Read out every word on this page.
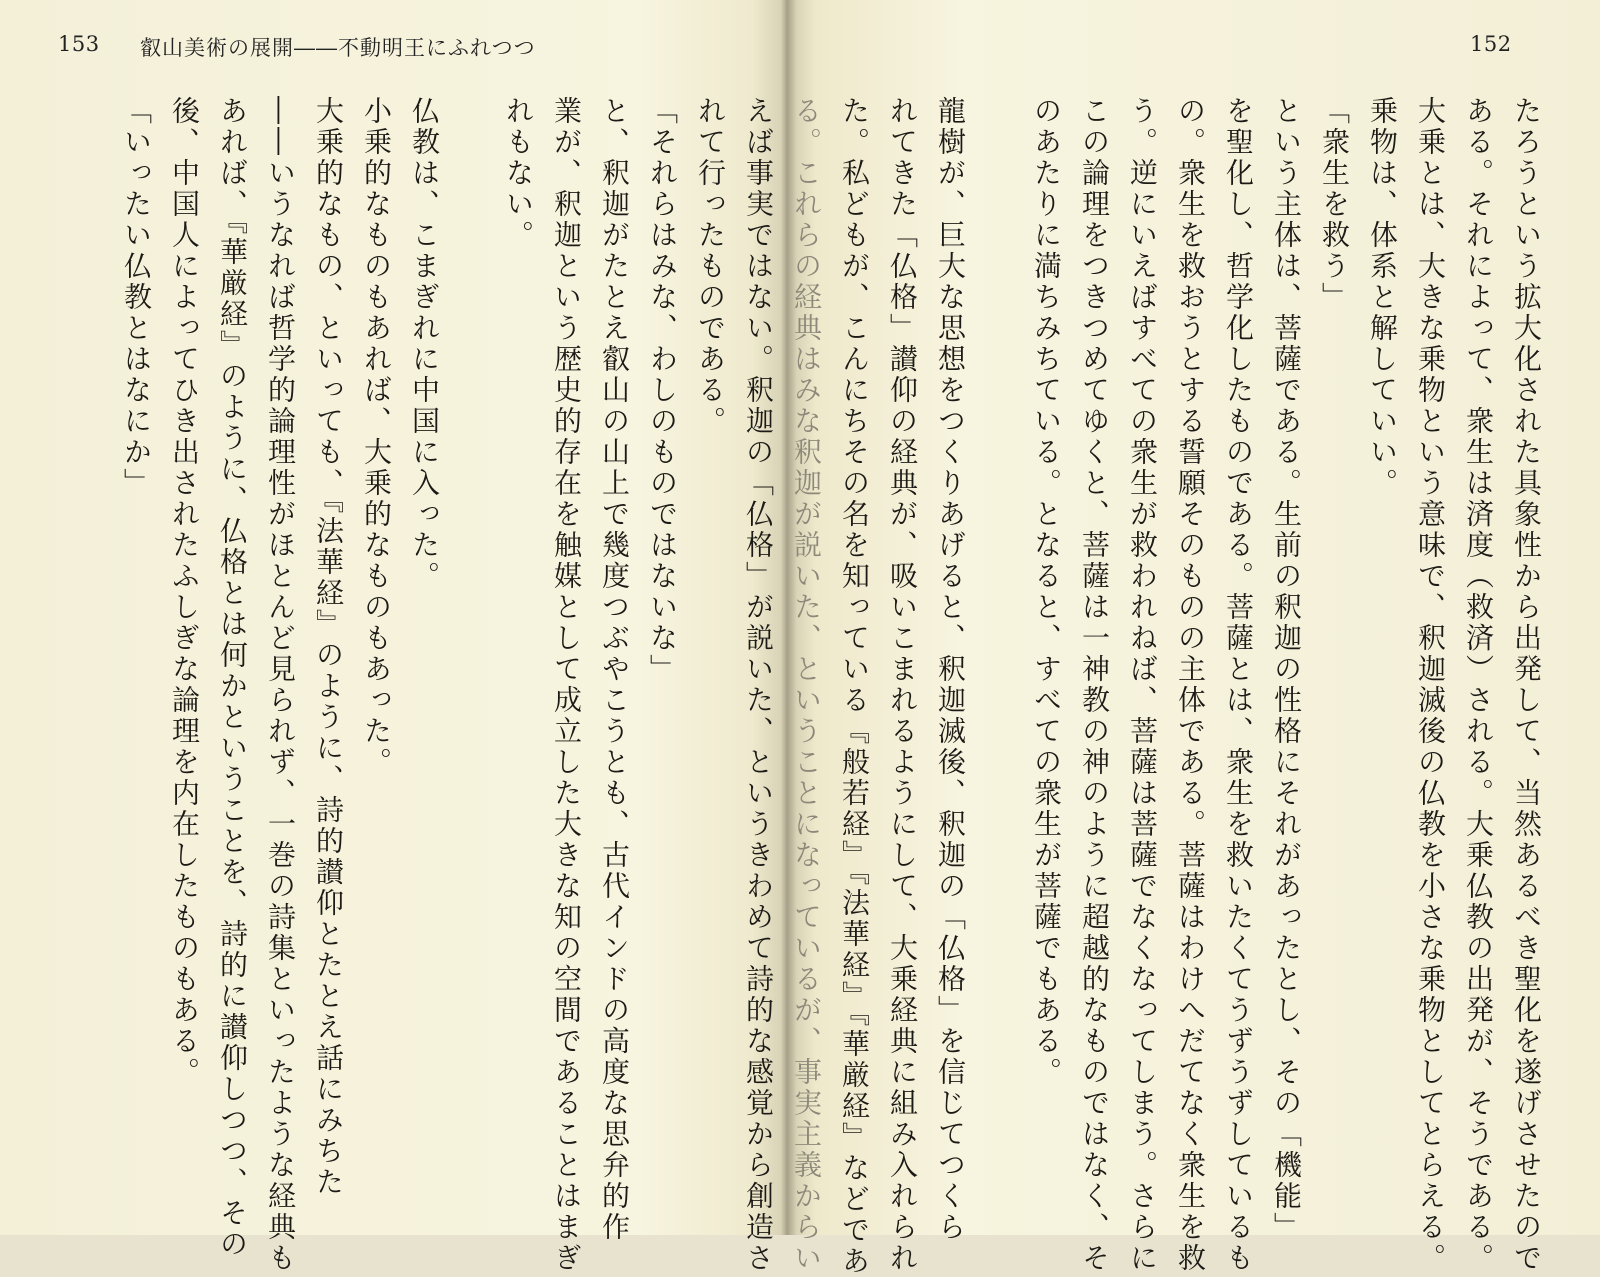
153 叡山美術の展開――不動明王にふれつつ
仏教は、こまぎれに中国に入った。
小乗的なものもあれば、大乗的なものもあった。
大乗的なもの、といっても、『法華経』のように、詩的讃仰とたとえ話にみちた
――いうなれば哲学的論理性がほとんど見られず、一巻の詩集といったような経典も
あれば、『華厳経』のように、仏格とは何かということを、詩的に讃仰しつつ、その
後、中国人によってひき出されたふしぎな論理を内在したものもある。
「いったい仏教とはなにか」
152
たろうという拡大化された具象性から出発して、当然あるべき聖化を遂げさせたので
ある。それによって、衆生は済度（救済）される。大乗仏教の出発が、そうである。
大乗とは、大きな乗物という意味で、釈迦滅後の仏教を小さな乗物としてとらえる。
乗物は、体系と解していい。
「衆生を救う」
という主体は、菩薩である。生前の釈迦の性格にそれがあったとし、その「機能」
を聖化し、哲学化したものである。菩薩とは、衆生を救いたくてうずうずしているも
の。衆生を救おうとする誓願そのものの主体である。菩薩はわけへだてなく衆生を救
う。逆にいえばすべての衆生が救われねば、菩薩は菩薩でなくなってしまう。さらに
この論理をつきつめてゆくと、菩薩は一神教の神のように超越的なものではなく、そ
のあたりに満ちみちている。となると、すべての衆生が菩薩でもある。
龍樹が、巨大な思想をつくりあげると、釈迦滅後、釈迦の「仏格」を信じてつくら
れてきた「仏格」讃仰の経典が、吸いこまれるようにして、大乗経典に組み入れられ
た。私どもが、こんにちその名を知っている『般若経』『法華経』『華厳経』などであ
る。これらの経典はみな釈迦が説いた、ということになっているが、事実主義からい
えば事実ではない。釈迦の「仏格」が説いた、というきわめて詩的な感覚から創造さ
れて行ったものである。
「それらはみな、わしのものではないな」
と、釈迦がたとえ叡山の山上で幾度つぶやこうとも、古代インドの高度な思弁的作
業が、釈迦という歴史的存在を触媒として成立した大きな知の空間であることはまぎ
れもない。
